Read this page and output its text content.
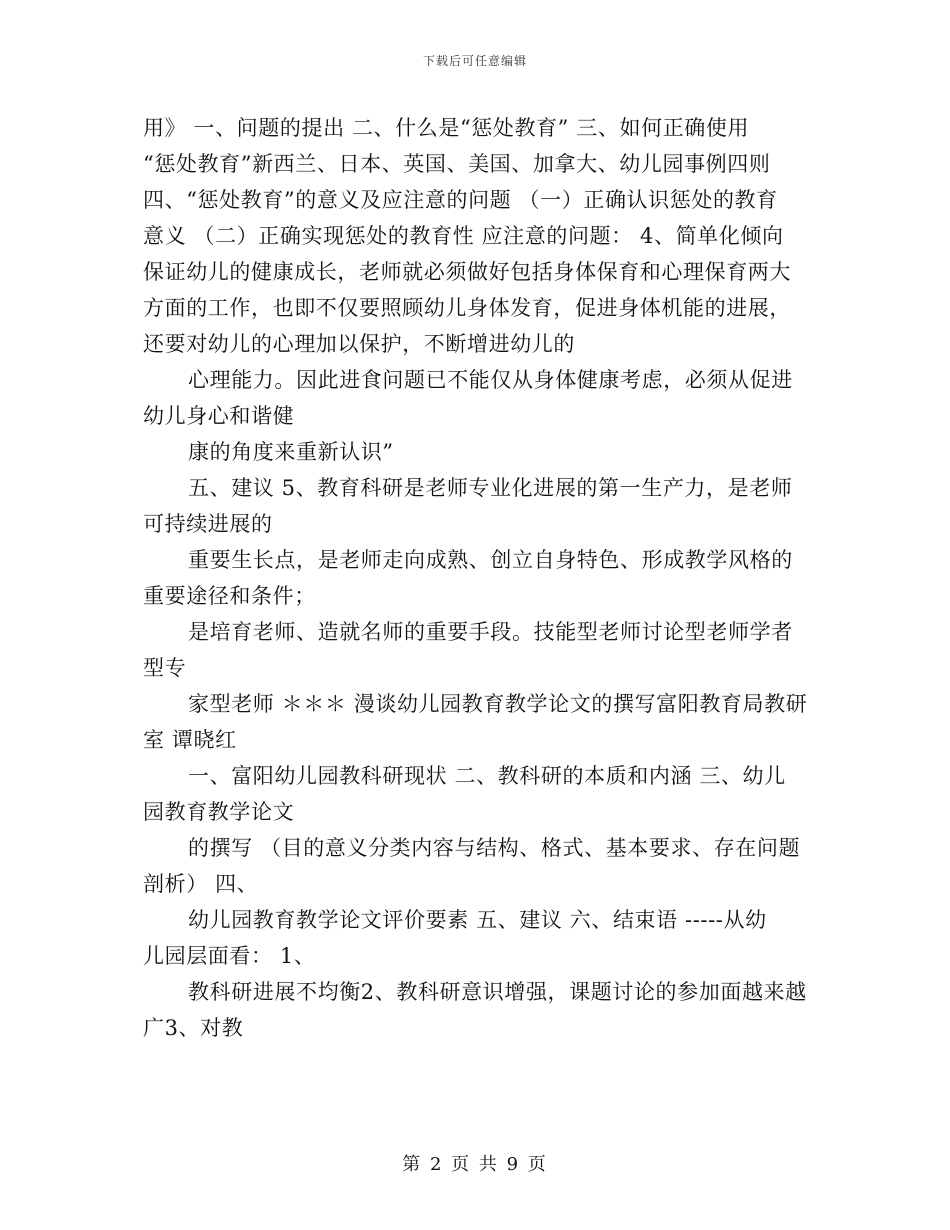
下载后可任意编辑
用》 一、问题的提出 二、什么是“惩处教育” 三、如何正确使用
“惩处教育”新西兰、日本、英国、美国、加拿大、幼儿园事例四则
四、“惩处教育”的意义及应注意的问题 （一）正确认识惩处的教育
意义 （二）正确实现惩处的教育性 应注意的问题： 4、简单化倾向
保证幼儿的健康成长，老师就必须做好包括身体保育和心理保育两大
方面的工作，也即不仅要照顾幼儿身体发育，促进身体机能的进展，
还要对幼儿的心理加以保护，不断增进幼儿的
心理能力。因此进食问题已不能仅从身体健康考虑，必须从促进
幼儿身心和谐健
康的角度来重新认识”
五、建议 5、教育科研是老师专业化进展的第一生产力，是老师
可持续进展的
重要生长点，是老师走向成熟、创立自身特色、形成教学风格的
重要途径和条件；
是培育老师、造就名师的重要手段。技能型老师讨论型老师学者
型专
家型老师 ＊＊＊ 漫谈幼儿园教育教学论文的撰写富阳教育局教研
室 谭晓红
一、富阳幼儿园教科研现状 二、教科研的本质和内涵 三、幼儿
园教育教学论文
的撰写 （目的意义分类内容与结构、格式、基本要求、存在问题
剖析） 四、
幼儿园教育教学论文评价要素 五、建议 六、结束语 -----从幼
儿园层面看： 1、
教科研进展不均衡2、教科研意识增强，课题讨论的参加面越来越
广3、对教
第 2 页 共 9 页
